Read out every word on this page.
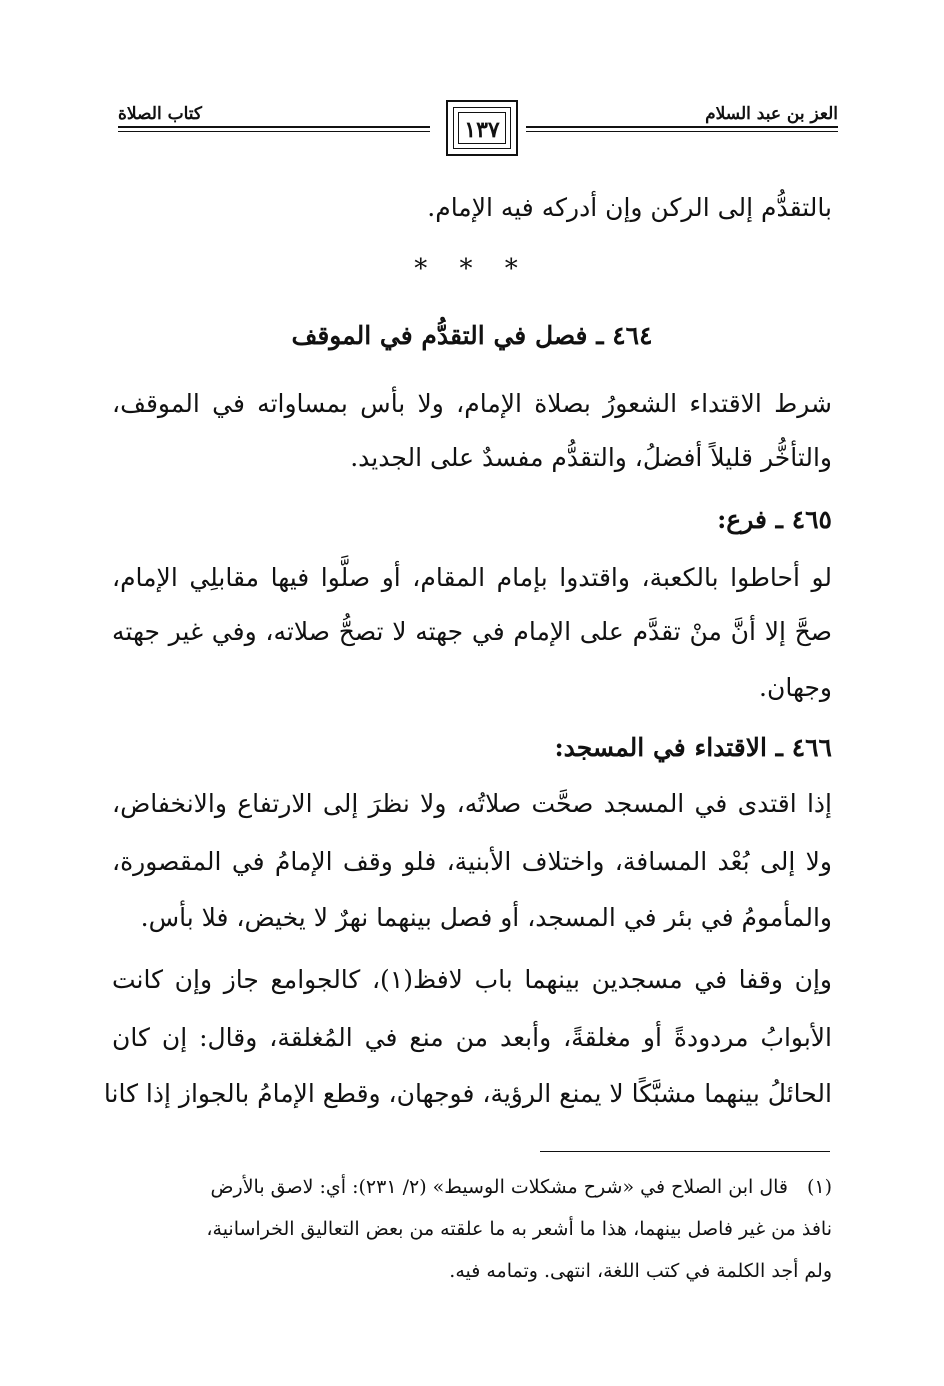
العز بن عبد السلام
١٣٧
كتاب الصلاة
بالتقدُّم إلى الركن وإن أدركه فيه الإمام.
* * *
٤٦٤ ـ فصل في التقدُّم في الموقف
شرط الاقتداء الشعورُ بصلاة الإمام، ولا بأس بمساواته في الموقف،
والتأخُّر قليلاً أفضلُ، والتقدُّم مفسدٌ على الجديد.
٤٦٥ ـ فرع:
لو أحاطوا بالكعبة، واقتدوا بإمام المقام، أو صلَّوا فيها مقابلِي الإمام،
صحَّ إلا أنَّ منْ تقدَّم على الإمام في جهته لا تصحُّ صلاته، وفي غير جهته
وجهان.
٤٦٦ ـ الاقتداء في المسجد:
إذا اقتدى في المسجد صحَّت صلاتُه، ولا نظرَ إلى الارتفاع والانخفاض،
ولا إلى بُعْد المسافة، واختلاف الأبنية، فلو وقف الإمامُ في المقصورة،
والمأمومُ في بئر في المسجد، أو فصل بينهما نهرٌ لا يخيض، فلا بأس.
وإن وقفا في مسجدين بينهما باب لافظ(١)، كالجوامع جاز وإن كانت
الأبوابُ مردودةً أو مغلقةً، وأبعد من منع في المُغلقة، وقال: إن كان
الحائلُ بينهما مشبَّكًا لا يمنع الرؤية، فوجهان، وقطع الإمامُ بالجواز إذا كانا
(١)قال ابن الصلاح في «شرح مشكلات الوسيط» (٢/ ٢٣١): أي: لاصق بالأرض
نافذ من غير فاصل بينهما، هذا ما أشعر به ما علقته من بعض التعاليق الخراسانية،
ولم أجد الكلمة في كتب اللغة، انتهى. وتمامه فيه.
